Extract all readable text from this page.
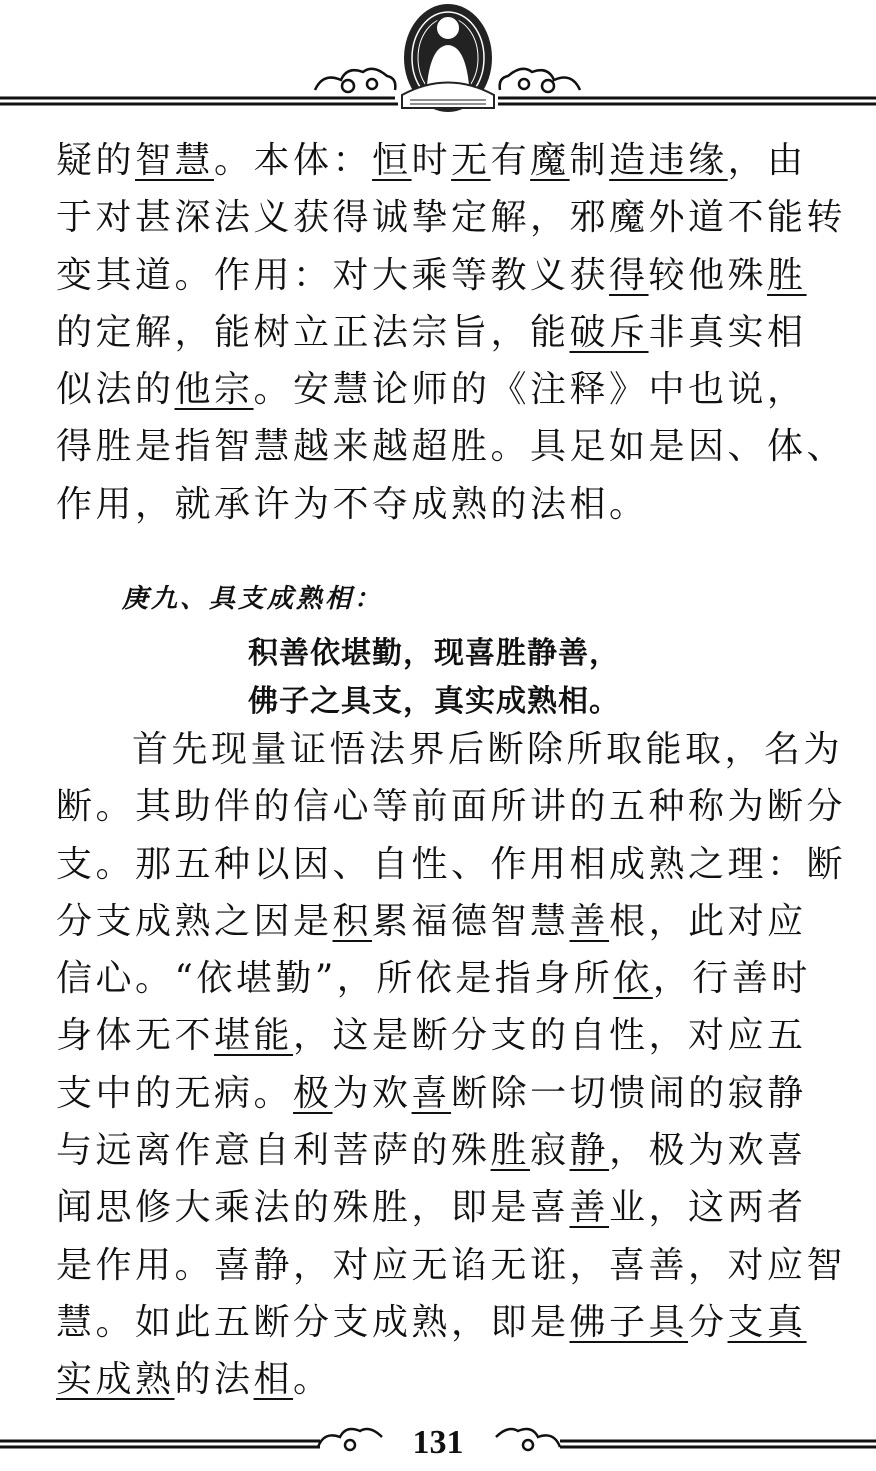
疑的智慧。本体：恒时无有魔制造违缘，由于对甚深法义获得诚挚定解，邪魔外道不能转变其道。作用：对大乘等教义获得较他殊胜的定解，能树立正法宗旨，能破斥非真实相似法的他宗。安慧论师的《注释》中也说，得胜是指智慧越来越超胜。具足如是因、体、作用，就承许为不夺成熟的法相。

庚九、具支成熟相：
积善依堪勤，现喜胜静善，
佛子之具支，真实成熟相。

首先现量证悟法界后断除所取能取，名为断。其助伴的信心等前面所讲的五种称为断分支。那五种以因、自性、作用相成熟之理：断分支成熟之因是积累福德智慧善根，此对应信心。“依堪勤”，所依是指身所依，行善时身体无不堪能，这是断分支的自性，对应五支中的无病。极为欢喜断除一切愦闹的寂静与远离作意自利菩萨的殊胜寂静，极为欢喜闻思修大乘法的殊胜，即是喜善业，这两者是作用。喜静，对应无谄无诳，喜善，对应智慧。如此五断分支成熟，即是佛子具分支真实成熟的法相。

131
